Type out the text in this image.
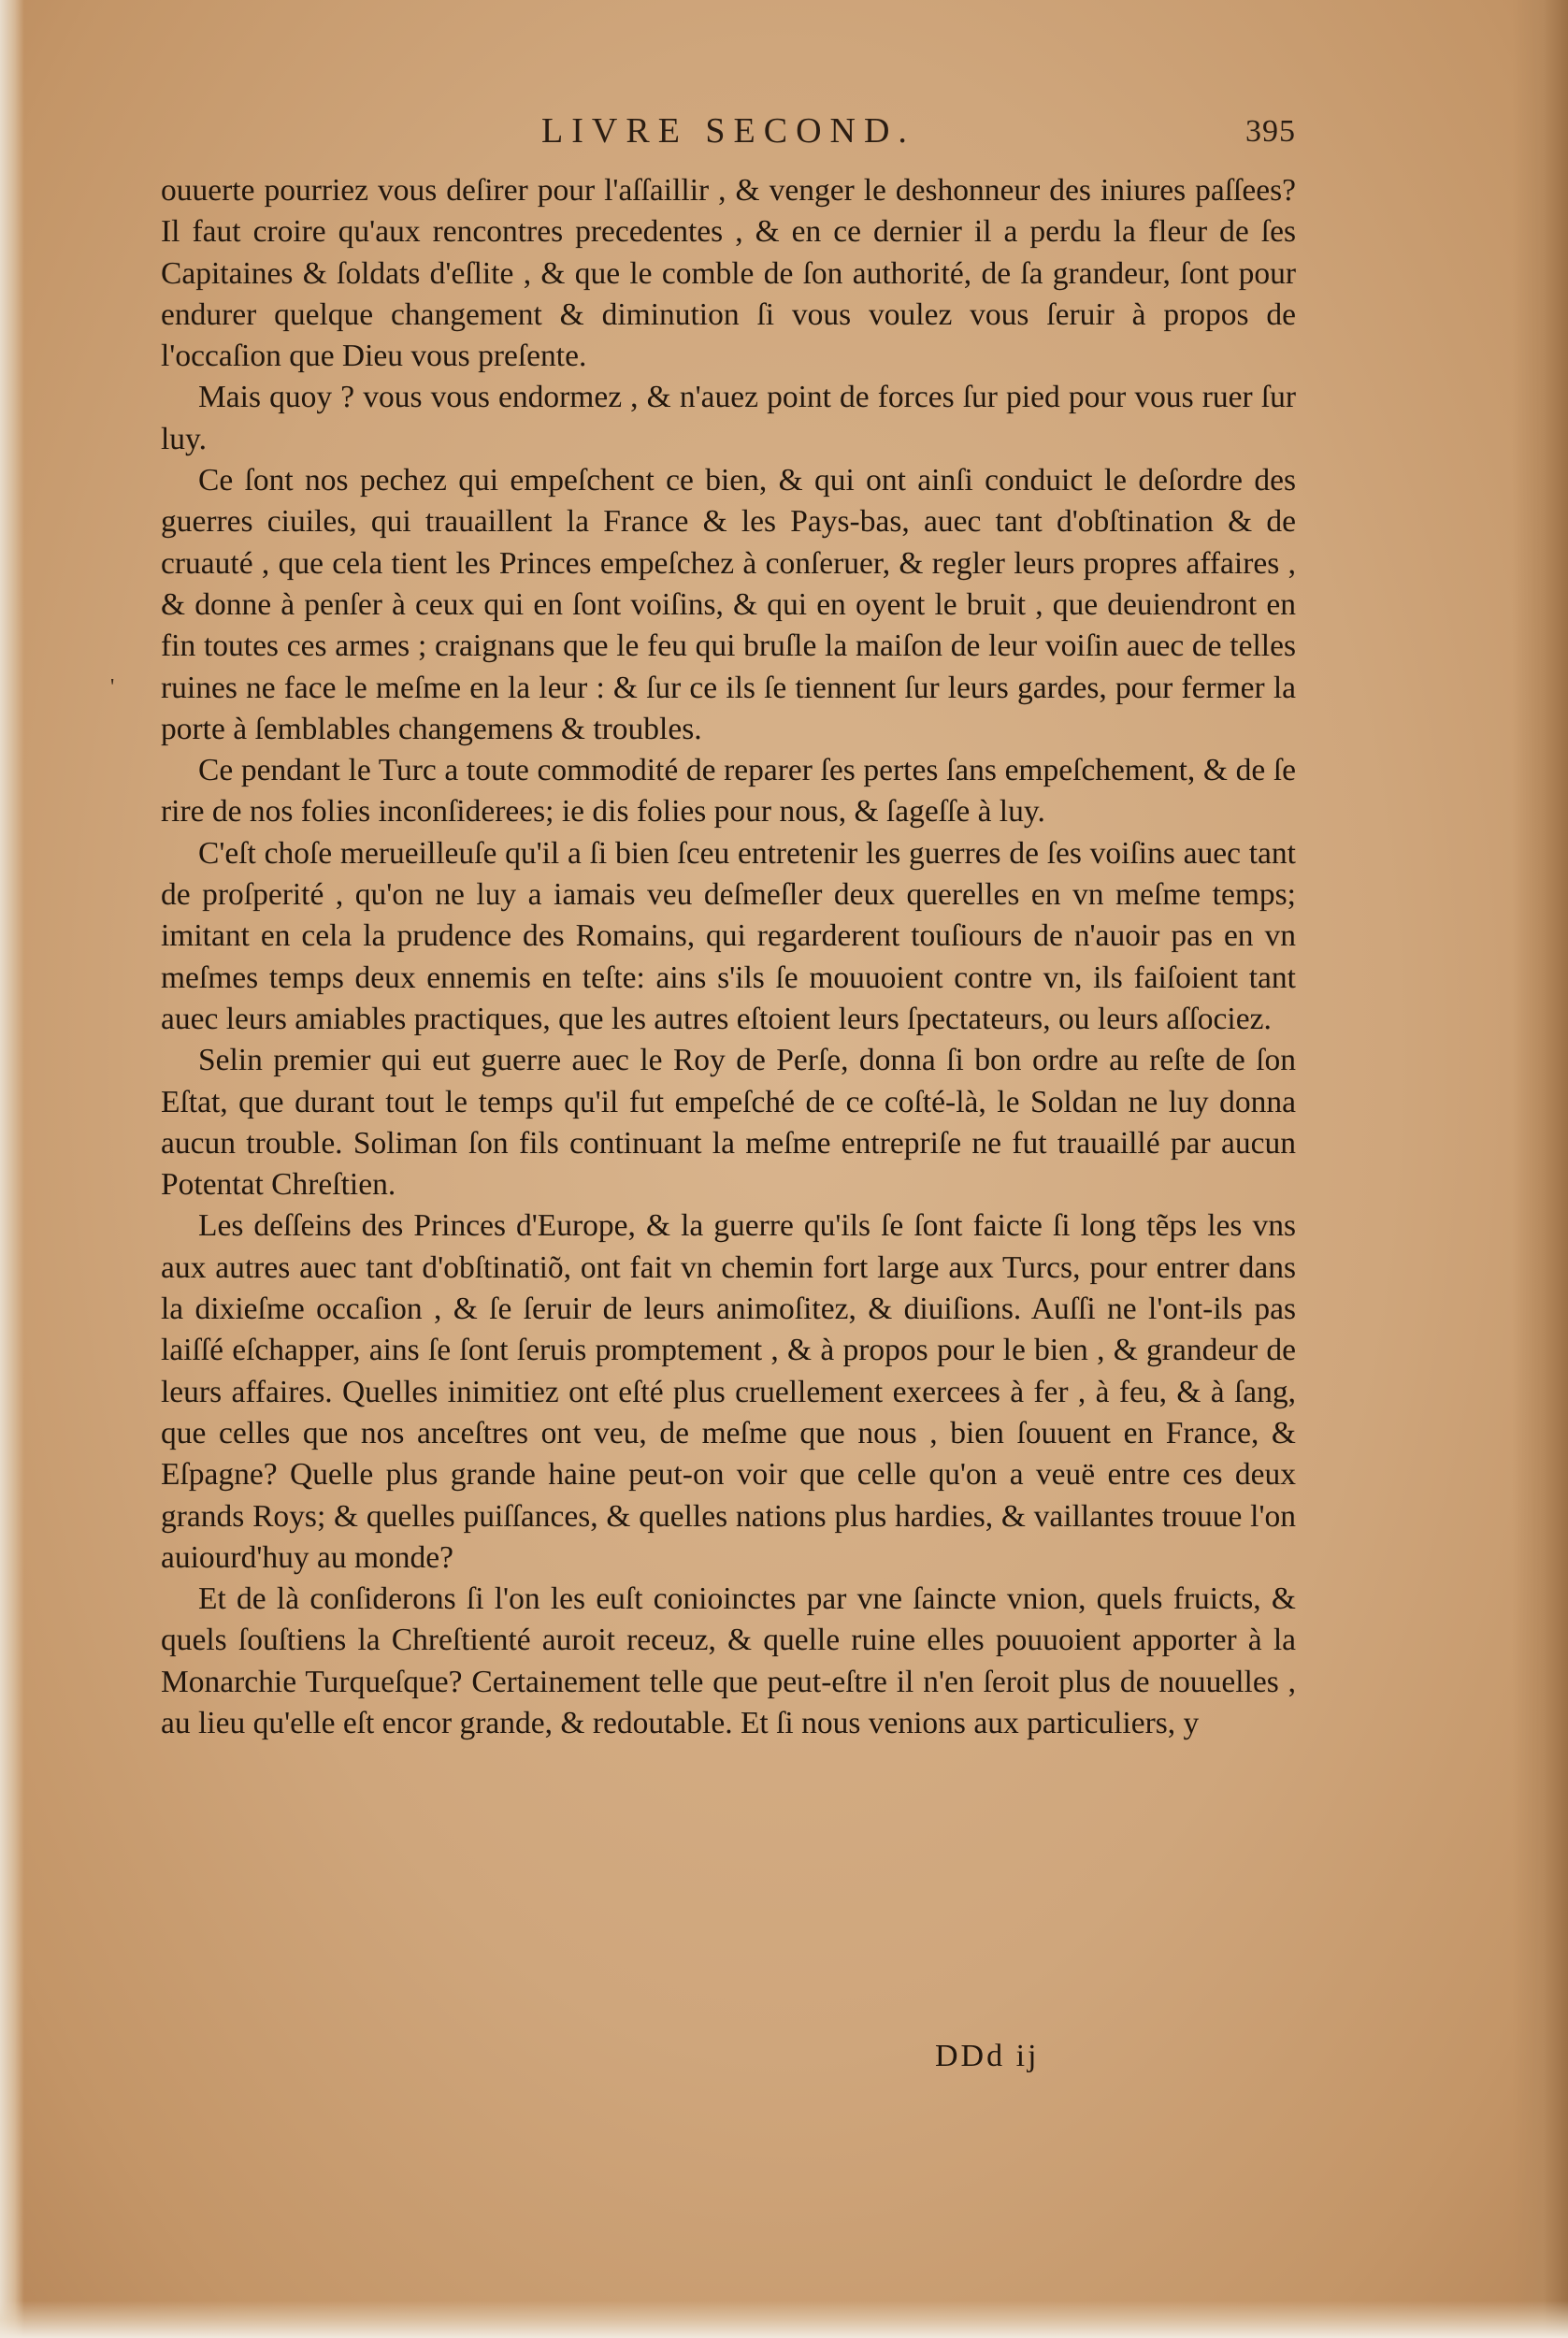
LIVRE SECOND.	395
'

ouuerte pourriez vous deſirer pour l'aſſaillir , & venger le deshonneur des iniures paſſees? Il faut croire qu'aux rencontres precedentes , & en ce dernier il a perdu la fleur de ſes Capitaines & ſoldats d'eſlite , & que le comble de ſon authorité, de ſa grandeur, ſont pour endurer quelque changement & diminution ſi vous voulez vous ſeruir à propos de l'occaſion que Dieu vous preſente.

Mais quoy ? vous vous endormez , & n'auez point de forces ſur pied pour vous ruer ſur luy.

Ce ſont nos pechez qui empeſchent ce bien, & qui ont ainſi conduict le deſordre des guerres ciuiles, qui trauaillent la France & les Pays-bas, auec tant d'obſtination & de cruauté , que cela tient les Princes empeſchez à conſeruer, & regler leurs propres affaires , & donne à penſer à ceux qui en ſont voiſins, & qui en oyent le bruit , que deuiendront en fin toutes ces armes ; craignans que le feu qui bruſle la maiſon de leur voiſin auec de telles ruines ne face le meſme en la leur : & ſur ce ils ſe tiennent ſur leurs gardes, pour fermer la porte à ſemblables changemens & troubles.

Ce pendant le Turc a toute commodité de reparer ſes pertes ſans empeſchement, & de ſe rire de nos folies inconſiderees; ie dis folies pour nous, & ſageſſe à luy.

C'eſt choſe merueilleuſe qu'il a ſi bien ſceu entretenir les guerres de ſes voiſins auec tant de proſperité , qu'on ne luy a iamais veu deſmeſler deux querelles en vn meſme temps; imitant en cela la prudence des Romains, qui regarderent touſiours de n'auoir pas en vn meſmes temps deux ennemis en teſte: ains s'ils ſe mouuoient contre vn, ils faiſoient tant auec leurs amiables practiques, que les autres eſtoient leurs ſpectateurs, ou leurs aſſociez.

Selin premier qui eut guerre auec le Roy de Perſe, donna ſi bon ordre au reſte de ſon Eſtat, que durant tout le temps qu'il fut empeſché de ce coſté-là, le Soldan ne luy donna aucun trouble. Soliman ſon fils continuant la meſme entrepriſe ne fut trauaillé par aucun Potentat Chreſtien.

Les deſſeins des Princes d'Europe, & la guerre qu'ils ſe ſont faicte ſi long tẽps les vns aux autres auec tant d'obſtinatiõ, ont fait vn chemin fort large aux Turcs, pour entrer dans la dixieſme occaſion , & ſe ſeruir de leurs animoſitez, & diuiſions. Auſſi ne l'ont-ils pas laiſſé eſchapper, ains ſe ſont ſeruis promptement , & à propos pour le bien , & grandeur de leurs affaires. Quelles inimitiez ont eſté plus cruellement exercees à fer , à feu, & à ſang, que celles que nos anceſtres ont veu, de meſme que nous , bien ſouuent en France, & Eſpagne? Quelle plus grande haine peut-on voir que celle qu'on a veuë entre ces deux grands Roys; & quelles puiſſances, & quelles nations plus hardies, & vaillantes trouue l'on auiourd'huy au monde?

Et de là conſiderons ſi l'on les euſt conioinctes par vne ſaincte vnion, quels fruicts, & quels ſouſtiens la Chreſtienté auroit receuz, & quelle ruine elles pouuoient apporter à la Monarchie Turqueſque? Certainement telle que peut-eſtre il n'en ſeroit plus de nouuelles , au lieu qu'elle eſt encor grande, & redoutable. Et ſi nous venions aux particuliers, y

DDd ij
